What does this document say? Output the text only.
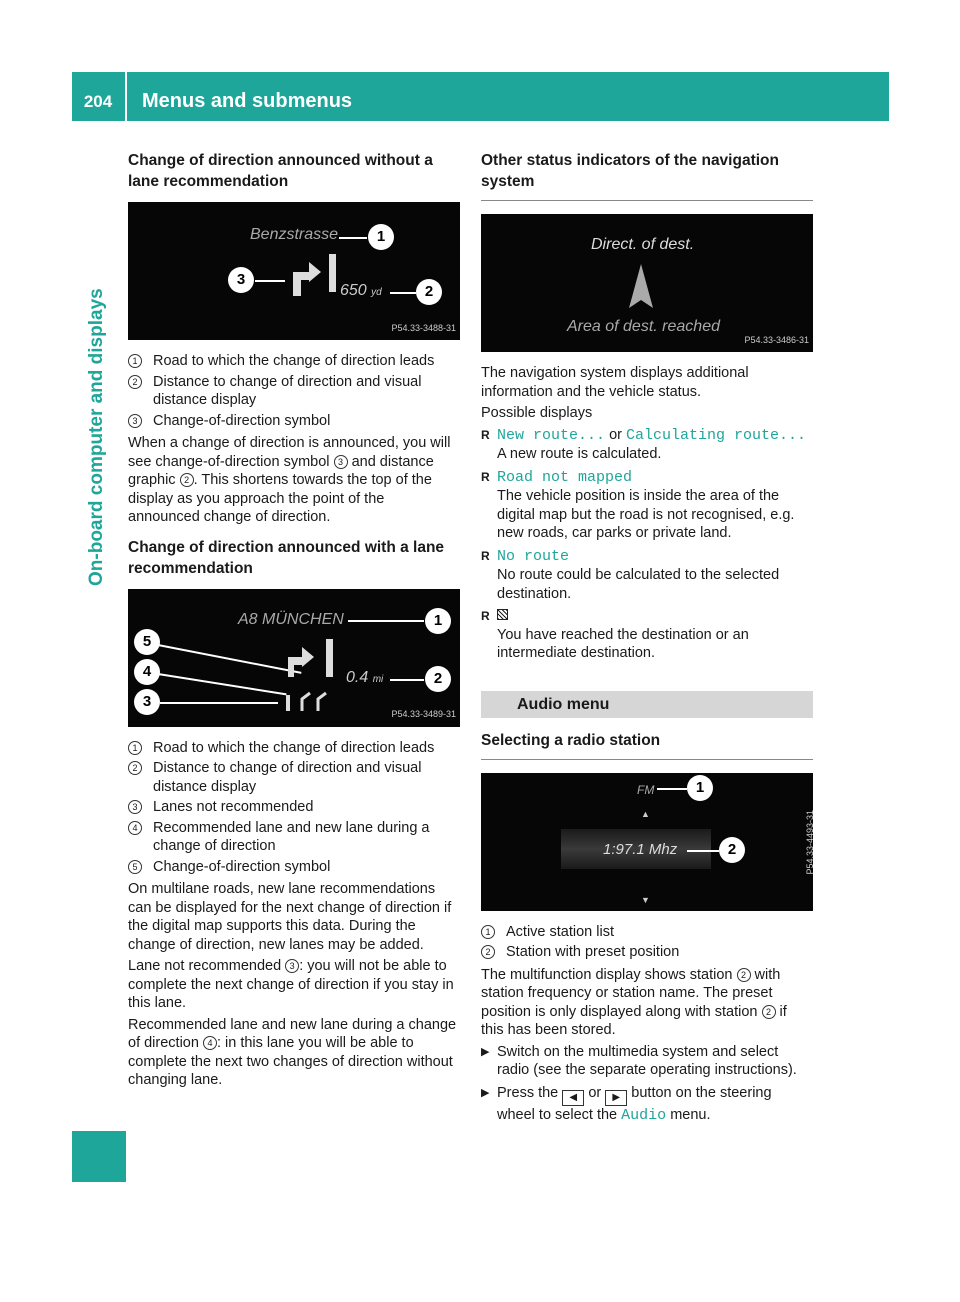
204	Menus and submenus
On-board computer and displays
Change of direction announced without a lane recommendation
Benzstrasse	1
3
650 yd	2
P54.33-3488-31
1	Road to which the change of direction leads
2	Distance to change of direction and visual distance display
3	Change-of-direction symbol

When a change of direction is announced, you will see change-of-direction symbol 3 and distance graphic 2 . This shortens towards the top of the display as you approach the point of the announced change of direction.

Change of direction announced with a lane recommendation
A8 MÜNCHEN	1
5
4
3
0.4 mi	2
P54.33-3489-31
1	Road to which the change of direction leads
2	Distance to change of direction and visual distance display
3	Lanes not recommended
4	Recommended lane and new lane during a change of direction
5	Change-of-direction symbol

On multilane roads, new lane recommendations can be displayed for the next change of direction if the digital map supports this data. During the change of direction, new lanes may be added.

Lane not recommended 3 : you will not be able to complete the next change of direction if you stay in this lane.

Recommended lane and new lane during a change of direction 4 : in this lane you will be able to complete the next two changes of direction without changing lane.

Other status indicators of the navigation system
Direct. of dest.
Area of dest. reached
P54.33-3486-31

The navigation system displays additional information and the vehicle status.

Possible displays

R New route... or Calculating route...
A new route is calculated.
R Road not mapped
The vehicle position is inside the area of the digital map but the road is not recognised, e.g. new roads, car parks or private land.
R No route
No route could be calculated to the selected destination.
R

You have reached the destination or an intermediate destination.
Audio menu
Selecting a radio station
FM	1
▲
1:97.1 Mhz	2
▼
P54.33-4493-31
1	Active station list
2	Station with preset position

The multifunction display shows station 2 with station frequency or station name. The preset position is only displayed along with station 2 if this has been stored.

▶ Switch on the multimedia system and select radio (see the separate operating instructions).
▶ Press the ◀ or ▶ button on the steering wheel to select the Audio menu.
